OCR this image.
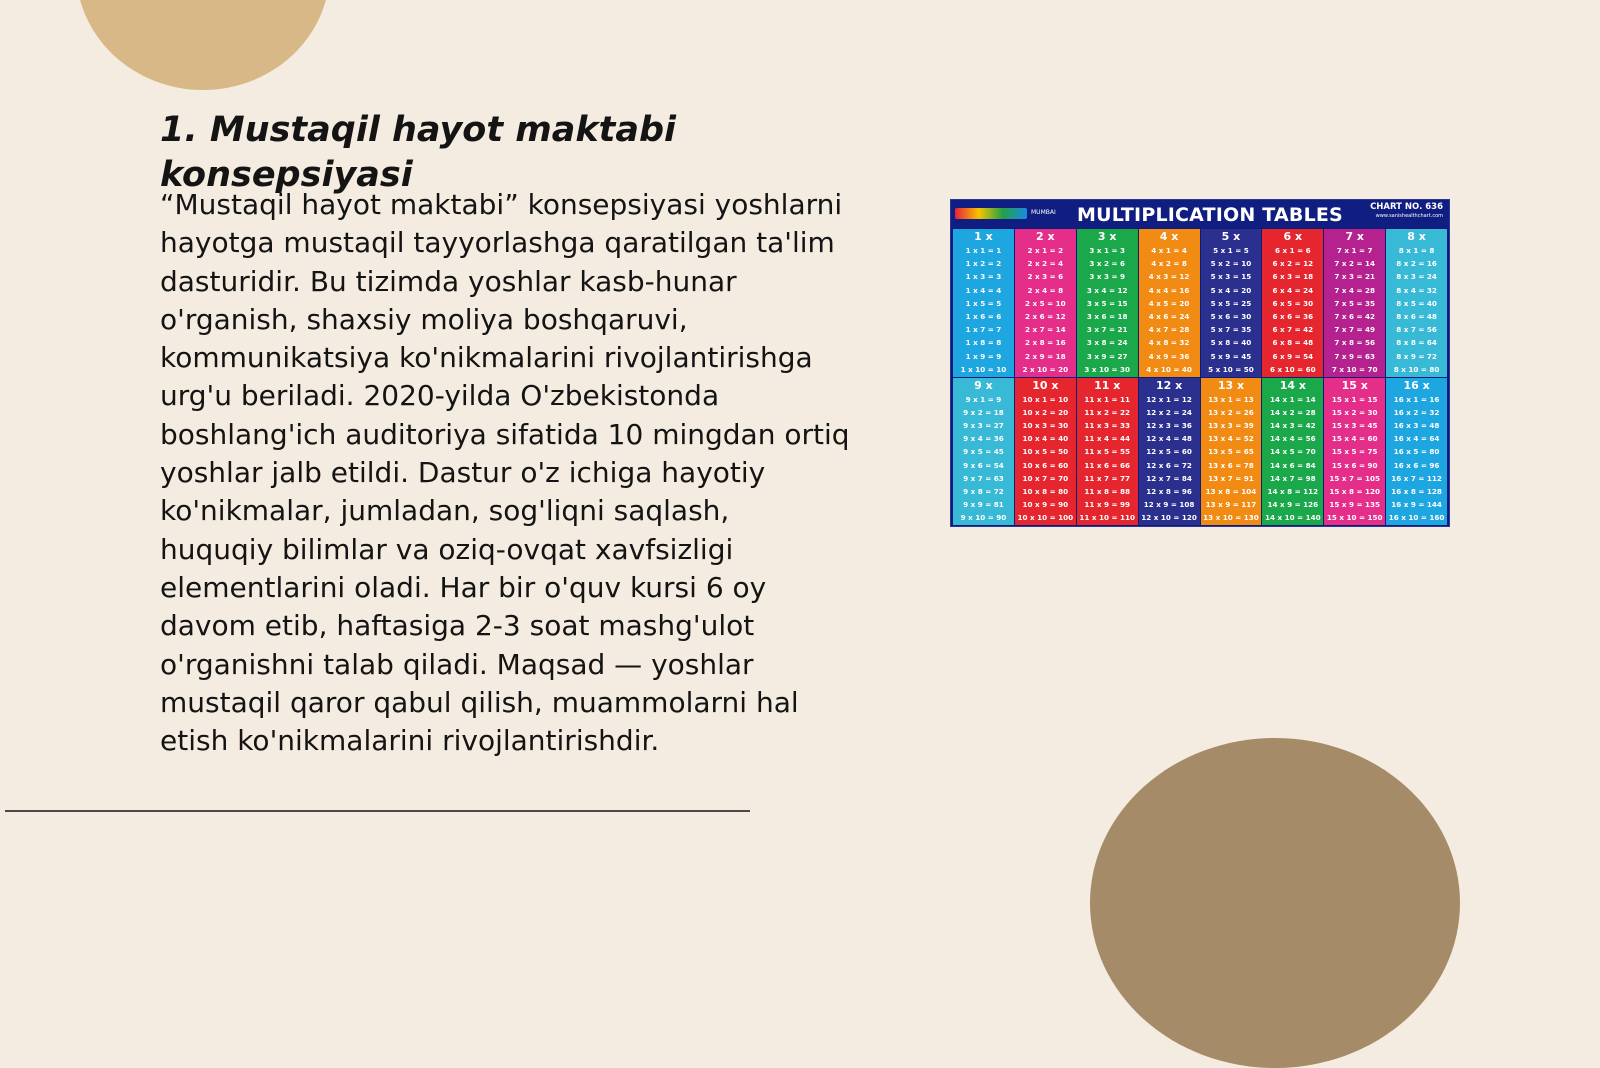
1. Mustaqil hayot maktabi konsepsiyasi

“Mustaqil hayot maktabi” konsepsiyasi yoshlarni hayotga mustaqil tayyorlashga qaratilgan ta'lim dasturidir. Bu tizimda yoshlar kasb-hunar o'rganish, shaxsiy moliya boshqaruvi, kommunikatsiya ko'nikmalarini rivojlantirishga urg'u beriladi. 2020-yilda O'zbekistonda boshlang'ich auditoriya sifatida 10 mingdan ortiq yoshlar jalb etildi. Dastur o'z ichiga hayotiy ko'nikmalar, jumladan, sog'liqni saqlash, huquqiy bilimlar va oziq-ovqat xavfsizligi elementlarini oladi. Har bir o'quv kursi 6 oy davom etib, haftasiga 2-3 soat mashg'ulot o'rganishni talab qiladi. Maqsad — yoshlar mustaqil qaror qabul qilish, muammolarni hal etish ko'nikmalarini rivojlantirishdir.

MUMBAI MULTIPLICATION TABLES	CHART NO. 636
www.sanishealthchart.com
1 x
1 x 1 = 1
1 x 2 = 2
1 x 3 = 3
1 x 4 = 4
1 x 5 = 5
1 x 6 = 6
1 x 7 = 7
1 x 8 = 8
1 x 9 = 9
1 x 10 = 10
2 x
2 x 1 = 2
2 x 2 = 4
2 x 3 = 6
2 x 4 = 8
2 x 5 = 10
2 x 6 = 12
2 x 7 = 14
2 x 8 = 16
2 x 9 = 18
2 x 10 = 20
3 x
3 x 1 = 3
3 x 2 = 6
3 x 3 = 9
3 x 4 = 12
3 x 5 = 15
3 x 6 = 18
3 x 7 = 21
3 x 8 = 24
3 x 9 = 27
3 x 10 = 30
4 x
4 x 1 = 4
4 x 2 = 8
4 x 3 = 12
4 x 4 = 16
4 x 5 = 20
4 x 6 = 24
4 x 7 = 28
4 x 8 = 32
4 x 9 = 36
4 x 10 = 40
5 x
5 x 1 = 5
5 x 2 = 10
5 x 3 = 15
5 x 4 = 20
5 x 5 = 25
5 x 6 = 30
5 x 7 = 35
5 x 8 = 40
5 x 9 = 45
5 x 10 = 50
6 x
6 x 1 = 6
6 x 2 = 12
6 x 3 = 18
6 x 4 = 24
6 x 5 = 30
6 x 6 = 36
6 x 7 = 42
6 x 8 = 48
6 x 9 = 54
6 x 10 = 60
7 x
7 x 1 = 7
7 x 2 = 14
7 x 3 = 21
7 x 4 = 28
7 x 5 = 35
7 x 6 = 42
7 x 7 = 49
7 x 8 = 56
7 x 9 = 63
7 x 10 = 70
8 x
8 x 1 = 8
8 x 2 = 16
8 x 3 = 24
8 x 4 = 32
8 x 5 = 40
8 x 6 = 48
8 x 7 = 56
8 x 8 = 64
8 x 9 = 72
8 x 10 = 80
9 x
9 x 1 = 9
9 x 2 = 18
9 x 3 = 27
9 x 4 = 36
9 x 5 = 45
9 x 6 = 54
9 x 7 = 63
9 x 8 = 72
9 x 9 = 81
9 x 10 = 90
10 x
10 x 1 = 10
10 x 2 = 20
10 x 3 = 30
10 x 4 = 40
10 x 5 = 50
10 x 6 = 60
10 x 7 = 70
10 x 8 = 80
10 x 9 = 90
10 x 10 = 100
11 x
11 x 1 = 11
11 x 2 = 22
11 x 3 = 33
11 x 4 = 44
11 x 5 = 55
11 x 6 = 66
11 x 7 = 77
11 x 8 = 88
11 x 9 = 99
11 x 10 = 110
12 x
12 x 1 = 12
12 x 2 = 24
12 x 3 = 36
12 x 4 = 48
12 x 5 = 60
12 x 6 = 72
12 x 7 = 84
12 x 8 = 96
12 x 9 = 108
12 x 10 = 120
13 x
13 x 1 = 13
13 x 2 = 26
13 x 3 = 39
13 x 4 = 52
13 x 5 = 65
13 x 6 = 78
13 x 7 = 91
13 x 8 = 104
13 x 9 = 117
13 x 10 = 130
14 x
14 x 1 = 14
14 x 2 = 28
14 x 3 = 42
14 x 4 = 56
14 x 5 = 70
14 x 6 = 84
14 x 7 = 98
14 x 8 = 112
14 x 9 = 126
14 x 10 = 140
15 x
15 x 1 = 15
15 x 2 = 30
15 x 3 = 45
15 x 4 = 60
15 x 5 = 75
15 x 6 = 90
15 x 7 = 105
15 x 8 = 120
15 x 9 = 135
15 x 10 = 150
16 x
16 x 1 = 16
16 x 2 = 32
16 x 3 = 48
16 x 4 = 64
16 x 5 = 80
16 x 6 = 96
16 x 7 = 112
16 x 8 = 128
16 x 9 = 144
16 x 10 = 160
